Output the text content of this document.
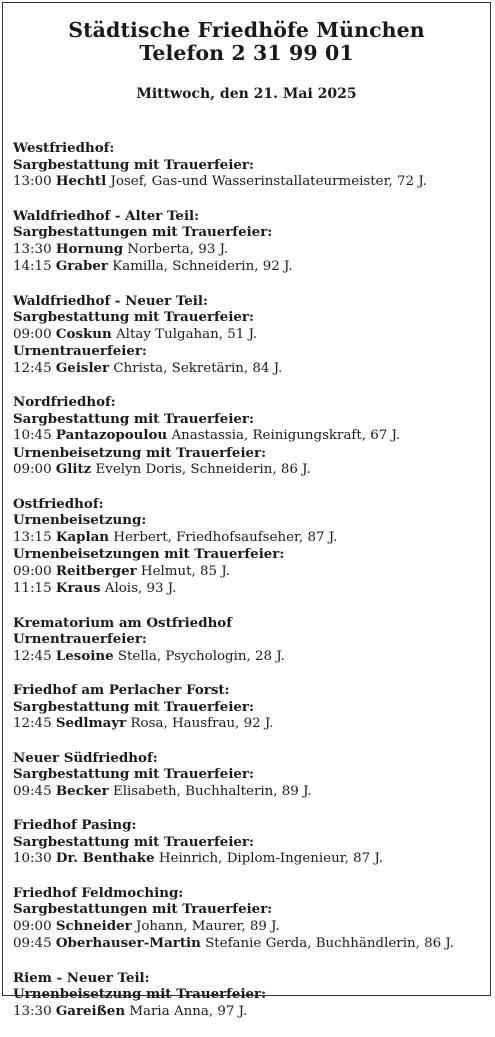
Städtische Friedhöfe München
Telefon 2 31 99 01
Mittwoch, den 21. Mai 2025
Westfriedhof:
Sargbestattung mit Trauerfeier:
13:00 Hechtl Josef, Gas-und Wasserinstallateurmeister, 72 J.
Waldfriedhof - Alter Teil:
Sargbestattungen mit Trauerfeier:
13:30 Hornung Norberta, 93 J.
14:15 Graber Kamilla, Schneiderin, 92 J.
Waldfriedhof - Neuer Teil:
Sargbestattung mit Trauerfeier:
09:00 Coskun Altay Tulgahan, 51 J.
Urnentrauerfeier:
12:45 Geisler Christa, Sekretärin, 84 J.
Nordfriedhof:
Sargbestattung mit Trauerfeier:
10:45 Pantazopoulou Anastassia, Reinigungskraft, 67 J.
Urnenbeisetzung mit Trauerfeier:
09:00 Glitz Evelyn Doris, Schneiderin, 86 J.
Ostfriedhof:
Urnenbeisetzung:
13:15 Kaplan Herbert, Friedhofsaufseher, 87 J.
Urnenbeisetzungen mit Trauerfeier:
09:00 Reitberger Helmut, 85 J.
11:15 Kraus Alois, 93 J.
Krematorium am Ostfriedhof
Urnentrauerfeier:
12:45 Lesoine Stella, Psychologin, 28 J.
Friedhof am Perlacher Forst:
Sargbestattung mit Trauerfeier:
12:45 Sedlmayr Rosa, Hausfrau, 92 J.
Neuer Südfriedhof:
Sargbestattung mit Trauerfeier:
09:45 Becker Elisabeth, Buchhalterin, 89 J.
Friedhof Pasing:
Sargbestattung mit Trauerfeier:
10:30 Dr. Benthake Heinrich, Diplom-Ingenieur, 87 J.
Friedhof Feldmoching:
Sargbestattungen mit Trauerfeier:
09:00 Schneider Johann, Maurer, 89 J.
09:45 Oberhauser-Martin Stefanie Gerda, Buchhändlerin, 86 J.
Riem - Neuer Teil:
Urnenbeisetzung mit Trauerfeier:
13:30 Gareißen Maria Anna, 97 J.
